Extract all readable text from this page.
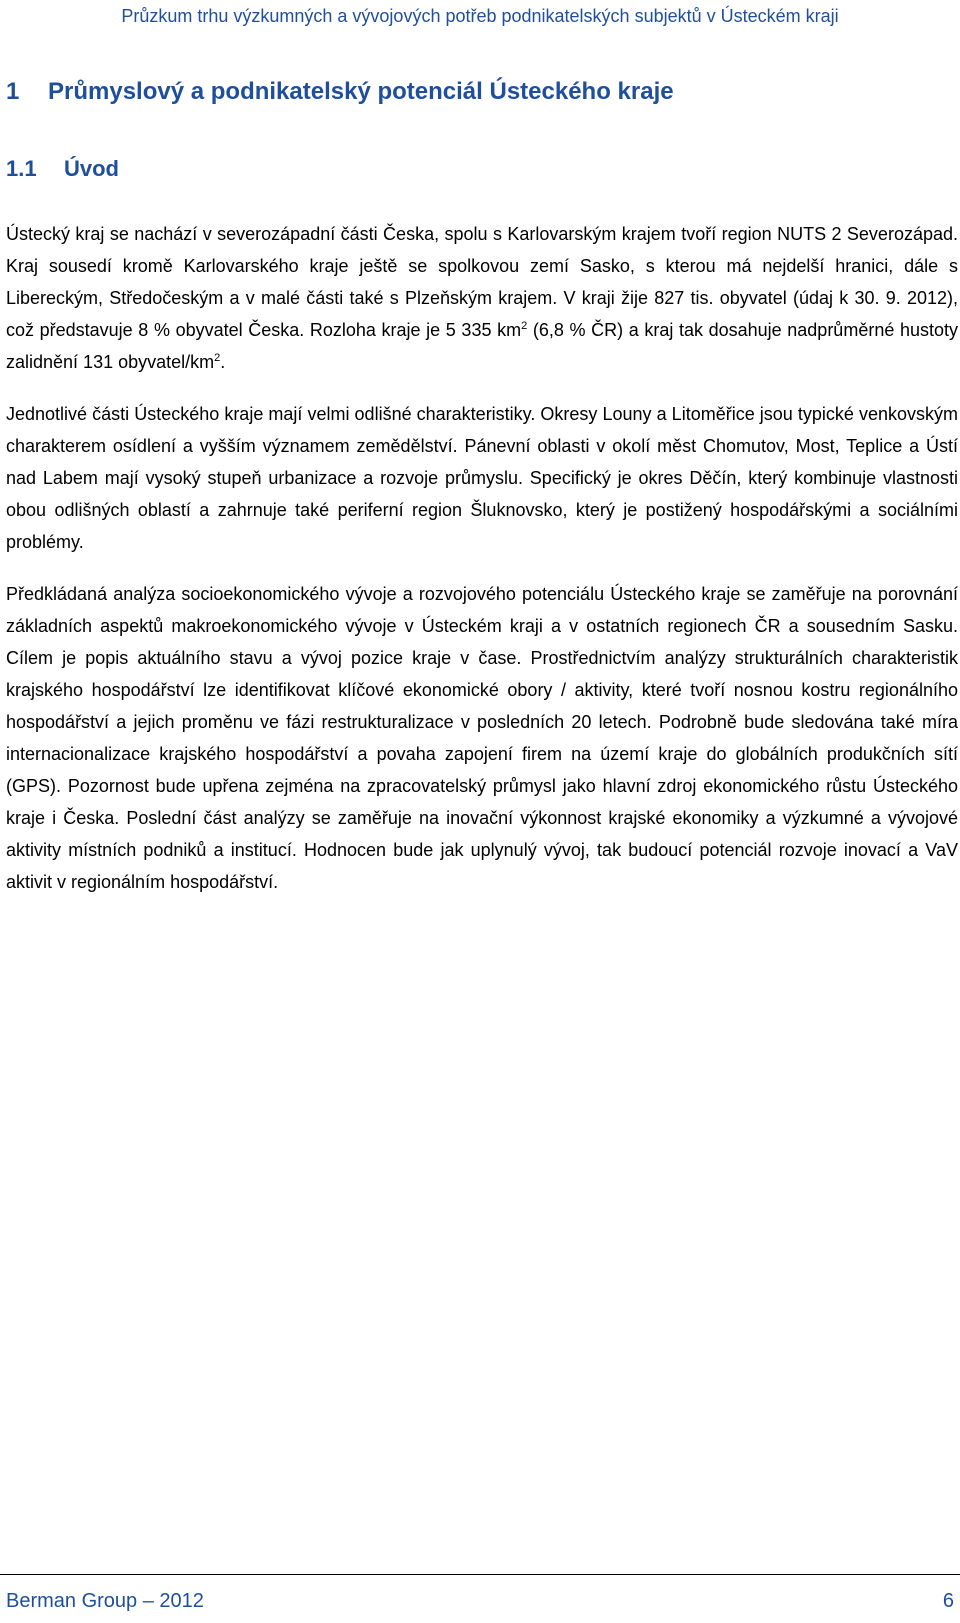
Průzkum trhu výzkumných a vývojových potřeb podnikatelských subjektů v Ústeckém kraji
1 Průmyslový a podnikatelský potenciál Ústeckého kraje
1.1 Úvod

Ústecký kraj se nachází v severozápadní části Česka, spolu s Karlovarským krajem tvoří region NUTS 2 Severozápad. Kraj sousedí kromě Karlovarského kraje ještě se spolkovou zemí Sasko, s kterou má nejdelší hranici, dále s Libereckým, Středočeským a v malé části také s Plzeňským krajem. V kraji žije 827 tis. obyvatel (údaj k 30. 9. 2012), což představuje 8 % obyvatel Česka. Rozloha kraje je 5 335 $km^2$ (6,8 % ČR) a kraj tak dosahuje nadprůměrné hustoty zalidnění 131 obyvatel/$km^2$.

Jednotlivé části Ústeckého kraje mají velmi odlišné charakteristiky. Okresy Louny a Litoměřice jsou typické venkovským charakterem osídlení a vyšším významem zemědělství. Pánevní oblasti v okolí měst Chomutov, Most, Teplice a Ústí nad Labem mají vysoký stupeň urbanizace a rozvoje průmyslu. Specifický je okres Děčín, který kombinuje vlastnosti obou odlišných oblastí a zahrnuje také periferní region Šluknovsko, který je postižený hospodářskými a sociálními problémy.

Předkládaná analýza socioekonomického vývoje a rozvojového potenciálu Ústeckého kraje se zaměřuje na porovnání základních aspektů makroekonomického vývoje v Ústeckém kraji a v ostatních regionech ČR a sousedním Sasku. Cílem je popis aktuálního stavu a vývoj pozice kraje v čase. Prostřednictvím analýzy strukturálních charakteristik krajského hospodářství lze identifikovat klíčové ekonomické obory / aktivity, které tvoří nosnou kostru regionálního hospodářství a jejich proměnu ve fázi restrukturalizace v posledních 20 letech. Podrobně bude sledována také míra internacionalizace krajského hospodářství a povaha zapojení firem na území kraje do globálních produkčních sítí (GPS). Pozornost bude upřena zejména na zpracovatelský průmysl jako hlavní zdroj ekonomického růstu Ústeckého kraje i Česka. Poslední část analýzy se zaměřuje na inovační výkonnost krajské ekonomiky a výzkumné a vývojové aktivity místních podniků a institucí. Hodnocen bude jak uplynulý vývoj, tak budoucí potenciál rozvoje inovací a VaV aktivit v regionálním hospodářství.

Berman Group – 2012	6
